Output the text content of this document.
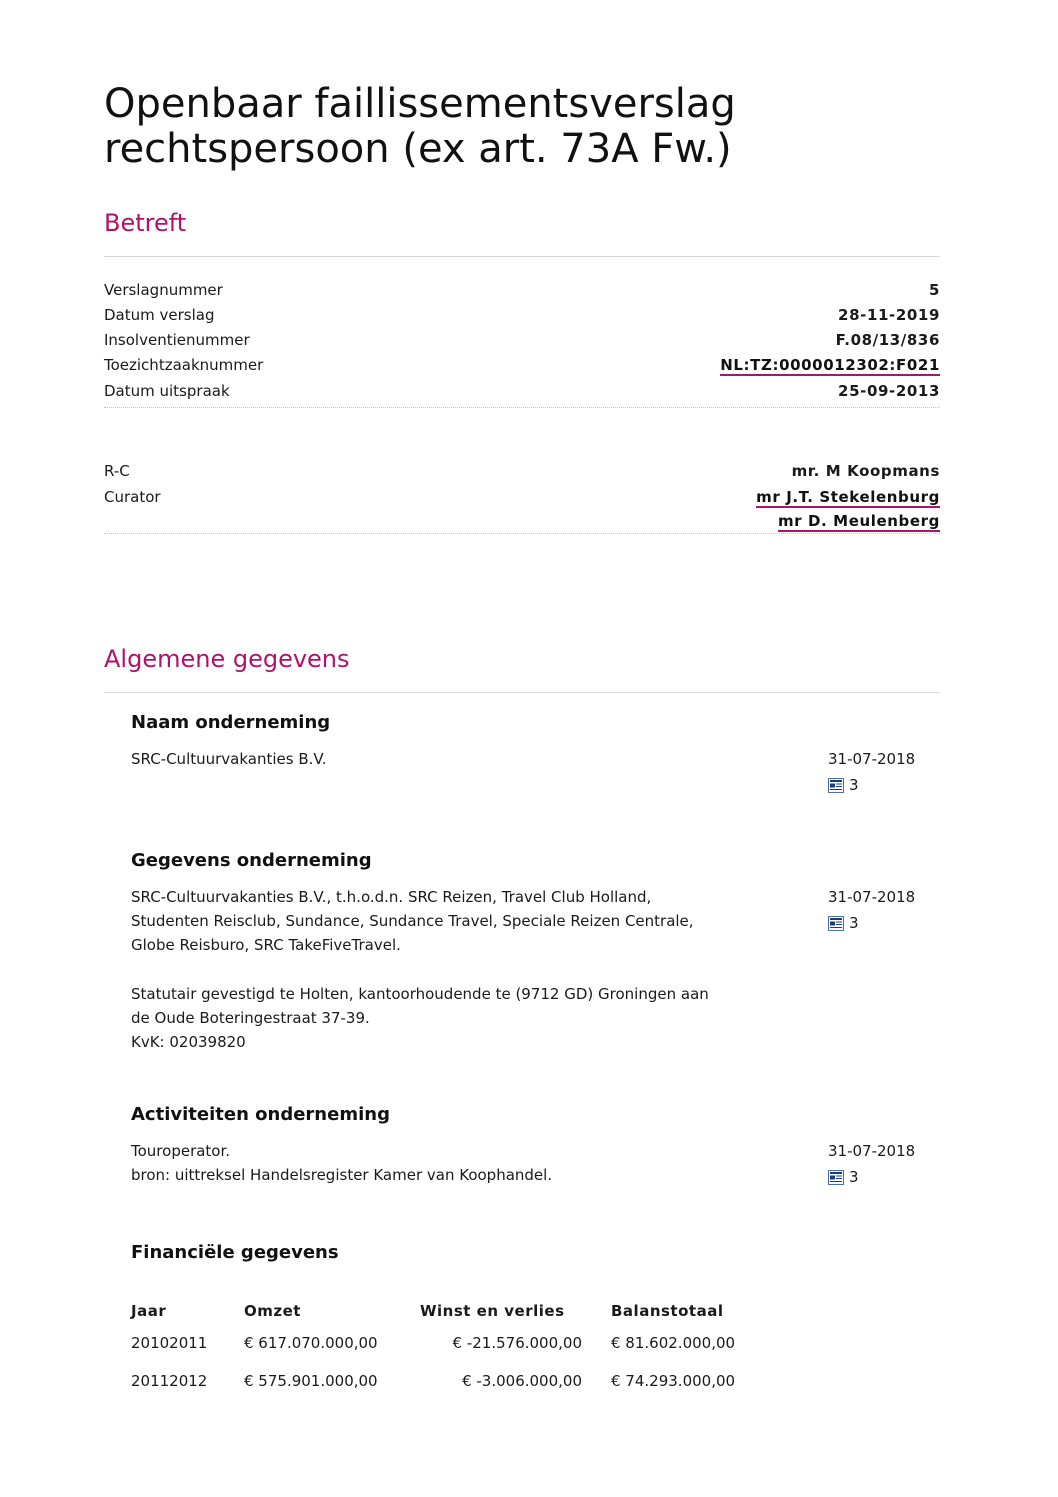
Openbaar faillissementsverslag rechtspersoon (ex art. 73A Fw.)
Betreft
Verslagnummer	5
Datum verslag	28-11-2019
Insolventienummer	F.08/13/836
Toezichtzaaknummer	NL:TZ:0000012302:F021
Datum uitspraak	25-09-2013
R-C	mr. M Koopmans
Curator	mr J.T. Stekelenburg
mr D. Meulenberg
Algemene gegevens
Naam onderneming

SRC-Cultuurvakanties B.V.	31-07-2018
3
Gegevens onderneming

SRC-Cultuurvakanties B.V., t.h.o.d.n. SRC Reizen, Travel Club Holland,
Studenten Reisclub, Sundance, Sundance Travel, Speciale Reizen Centrale,
Globe Reisburo, SRC TakeFiveTravel.

Statutair gevestigd te Holten, kantoorhoudende te (9712 GD) Groningen aan
de Oude Boteringestraat 37-39.
KvK: 02039820

31-07-2018
3
Activiteiten onderneming

Touroperator.
bron: uittreksel Handelsregister Kamer van Koophandel.

31-07-2018
3
Financiële gegevens
Jaar	Omzet	Winst en verlies	Balanstotaal
20102011	€ 617.070.000,00	€ -21.576.000,00	€ 81.602.000,00
20112012	€ 575.901.000,00	€ -3.006.000,00	€ 74.293.000,00
